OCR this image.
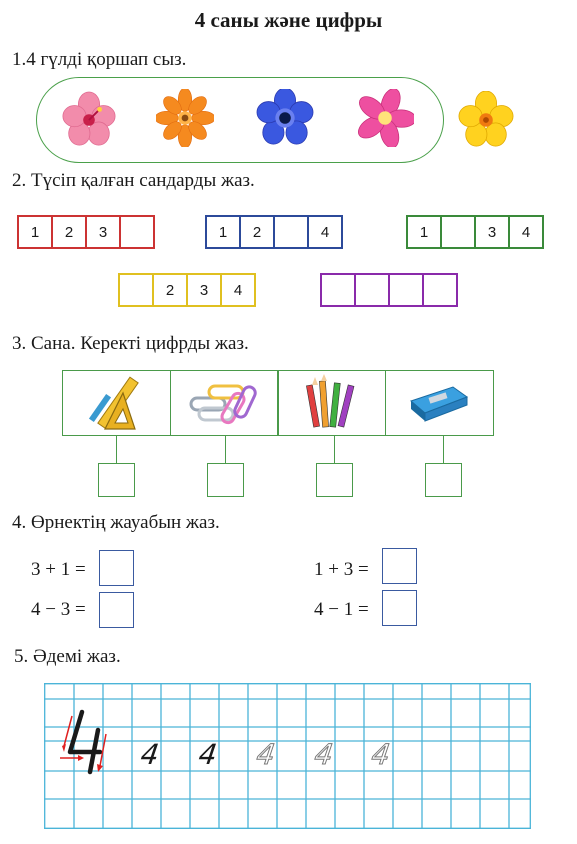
4 саны және цифры
1.4 гүлді қоршап сыз.
2. Түсіп қалған сандарды жаз.
1	2	3	1	2	4	1	3	4
2	3	4
3. Сана. Керекті цифрды жаз.
4. Өрнектің жауабын жаз.
3 + 1 =	1 + 3 =
4 − 3 =	4 − 1 =
5. Әдемі жаз.
4 4 4 4 4
